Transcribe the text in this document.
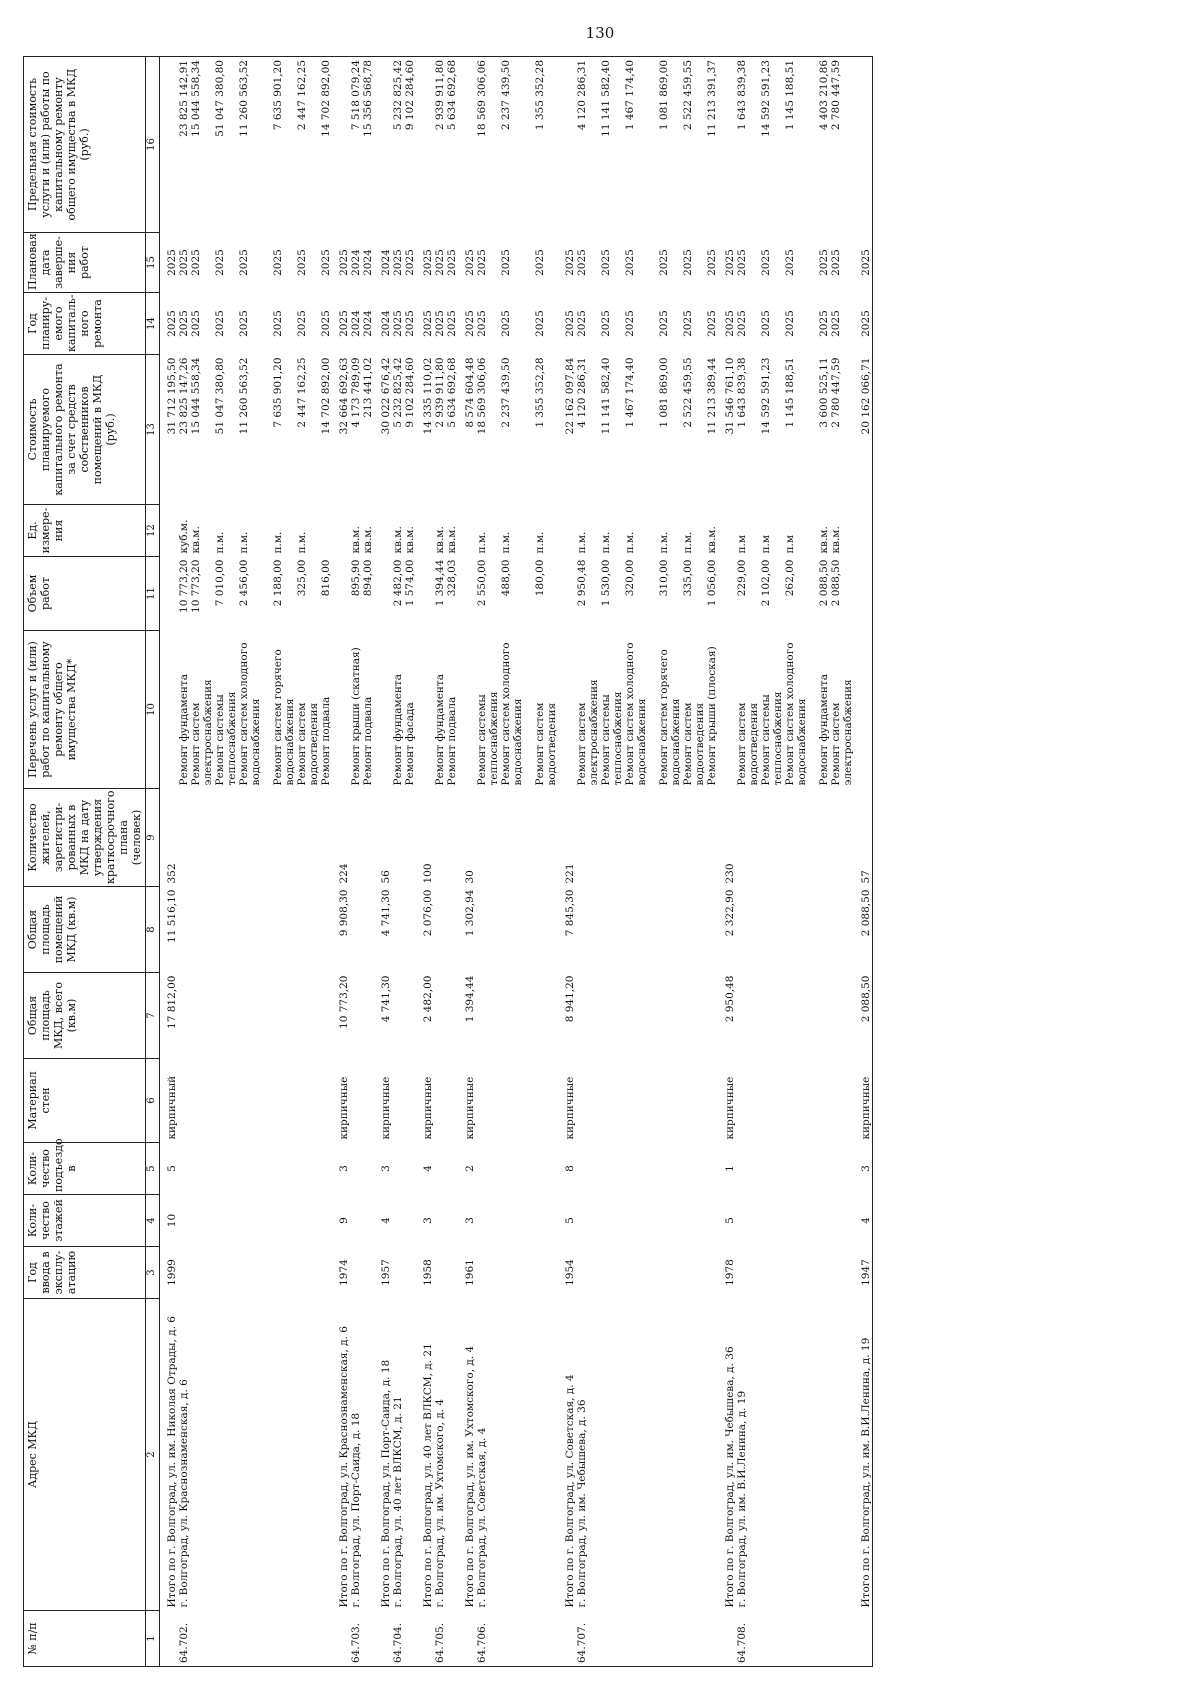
130
№ п/п	Адрес МКД	Год ввода в эксплу-атацию	Коли-чество этажей	Коли-чество подъездо в	Материал стен	Общая площадь МКД, всего (кв.м)	Общая площадь помещений МКД (кв.м)	Количество жителей, зарегистри-рованных в МКД на дату утверждения краткосрочного плана (человек)	Перечень услуг и (или) работ по капитальному ремонту общего имущества МКД*	Объем работ	Ед. измере-ния	Стоимость планируемого капитального ремонта за счет средств собственников помещений в МКД (руб.)	Год планиру-емого капиталь-ного ремонта	Плановая дата заверше-ния работ	Предельная стоимость услуги и (или) работы по капитальному ремонту общего имущества в МКД (руб.)
1	2	3	4	5	6	7	8	9	10	11	12	13	14	15	16
	Итого по г. Волгоград, ул. им. Николая Отрады, д. 6	1999	10	5	кирпичный	17 812,00	11 516,10	352				31 712 195,50	2025	2025	
64.702.	г. Волгоград, ул. Краснознаменская, д. 6								Ремонт фундамента	10 773,20	куб.м.	23 825 147,26	2025	2025	23 825 142,91
									Ремонт систем	10 773,20	кв.м.	15 044 558,34	2025	2025	15 044 558,34
									электроснабжения						
									Ремонт системы	7 010,00	п.м.	51 047 380,80	2025	2025	51 047 380,80
									теплоснабжения						
									Ремонт систем холодного	2 456,00	п.м.	11 260 563,52	2025	2025	11 260 563,52
									водоснабжения						

									Ремонт систем горячего	2 188,00	п.м.	7 635 901,20	2025	2025	7 635 901,20
									водоснабжения						
									Ремонт систем	325,00	п.м.	2 447 162,25	2025	2025	2 447 162,25
									водоотведения						
									Ремонт подвала	816,00		14 702 892,00	2025	2025	14 702 892,00
	Итого по г. Волгоград, ул. Краснознаменская, д. 6	1974	9	3	кирпичные	10 773,20	9 908,30	224				32 664 692,63	2025	2025	
64.703.	г. Волгоград, ул. Порт-Саида, д. 18								Ремонт крыши (скатная)	895,90	кв.м.	4 173 789,09	2024	2024	7 518 079,24
									Ремонт подвала	894,00	кв.м.	213 441,02	2024	2024	15 356 568,78
	Итого по г. Волгоград, ул. Порт-Саида, д. 18	1957	4	3	кирпичные	4 741,30	4 741,30	56				30 022 676,42	2024	2024	
64.704.	г. Волгоград, ул. 40 лет ВЛКСМ, д. 21								Ремонт фундамента	2 482,00	кв.м.	5 232 825,42	2025	2025	5 232 825,42
									Ремонт фасада	1 574,00	кв.м.	9 102 284,60	2025	2025	9 102 284,60
	Итого по г. Волгоград, ул. 40 лет ВЛКСМ, д. 21	1958	3	4	кирпичные	2 482,00	2 076,00	100				14 335 110,02	2025	2025	
64.705.	г. Волгоград, ул. им. Ухтомского, д. 4								Ремонт фундамента	1 394,44	кв.м.	2 939 911,80	2025	2025	2 939 911,80
									Ремонт подвала	328,03	кв.м.	5 634 692,68	2025	2025	5 634 692,68
	Итого по г. Волгоград, ул. им. Ухтомского, д. 4	1961	3	2	кирпичные	1 394,44	1 302,94	30				8 574 604,48	2025	2025	
64.706.	г. Волгоград, ул. Советская, д. 4								Ремонт системы	2 550,00	п.м.	18 569 306,06	2025	2025	18 569 306,06
									теплоснабжения						
									Ремонт систем холодного	488,00	п.м.	2 237 439,50	2025	2025	2 237 439,50
									водоснабжения						

									Ремонт систем	180,00	п.м.	1 355 352,28	2025	2025	1 355 352,28
									водоотведения						
	Итого по г. Волгоград, ул. Советская, д. 4	1954	5	8	кирпичные	8 941,20	7 845,30	221				22 162 097,84	2025	2025	
64.707.	г. Волгоград, ул. им. Чебышева, д. 36								Ремонт систем	2 950,48	п.м.	4 120 286,31	2025	2025	4 120 286,31
									электроснабжения						
									Ремонт системы	1 530,00	п.м.	11 141 582,40	2025	2025	11 141 582,40
									теплоснабжения						
									Ремонт систем холодного	320,00	п.м.	1 467 174,40	2025	2025	1 467 174,40
									водоснабжения						

									Ремонт систем горячего	310,00	п.м.	1 081 869,00	2025	2025	1 081 869,00
									водоснабжения						
									Ремонт систем	335,00	п.м.	2 522 459,55	2025	2025	2 522 459,55
									водоотведения						
									Ремонт крыши (плоская)	1 056,00	кв.м.	11 213 389,44	2025	2025	11 213 391,37
	Итого по г. Волгоград, ул. им. Чебышева, д. 36	1978	5	1	кирпичные	2 950,48	2 322,90	230				31 546 761,10	2025	2025	
64.708.	г. Волгоград, ул. им. В.И.Ленина, д. 19								Ремонт систем	229,00	п.м	1 643 839,38	2025	2025	1 643 839,38
									водоотведения						
									Ремонт системы	2 102,00	п.м	14 592 591,23	2025	2025	14 592 591,23
									теплоснабжения						
									Ремонт систем холодного	262,00	п.м	1 145 188,51	2025	2025	1 145 188,51
									водоснабжения						

									Ремонт фундамента	2 088,50	кв.м.	3 600 525,11	2025	2025	4 403 210,86
									Ремонт систем	2 088,50	кв.м.	2 780 447,59	2025	2025	2 780 447,59
									электроснабжения						
	Итого по г. Волгоград, ул. им. В.И.Ленина, д. 19	1947	4	3	кирпичные	2 088,50	2 088,50	57				20 162 066,71	2025	2025	
